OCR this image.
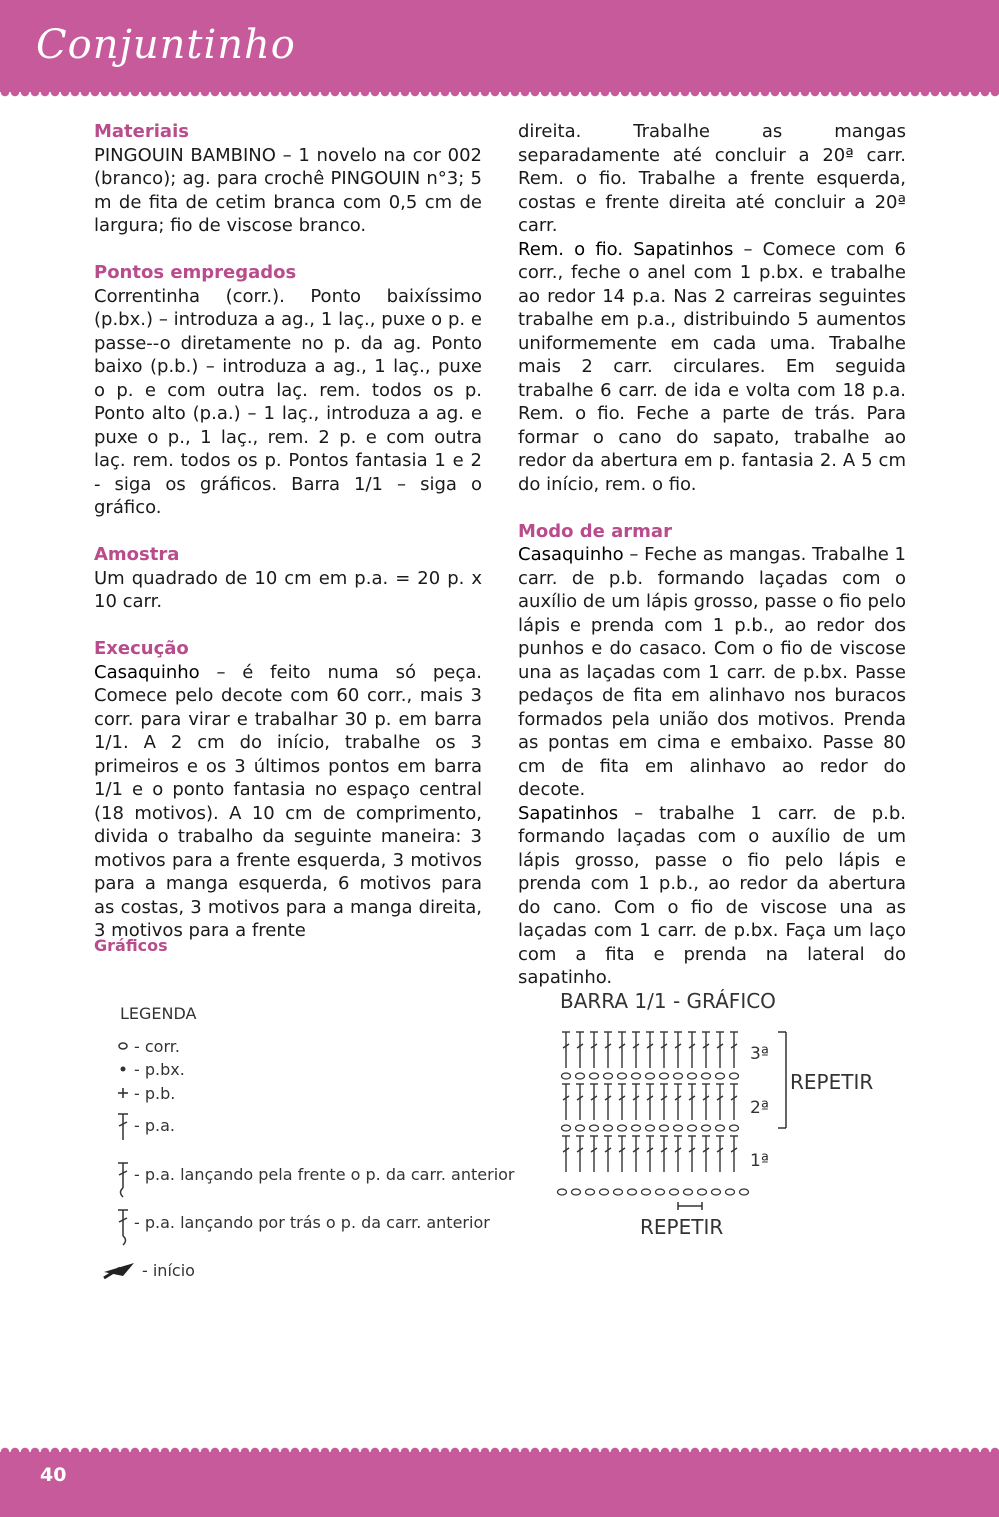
Conjuntinho
Materiais

PINGOUIN BAMBINO – 1 novelo na cor 002 (branco); ag. para crochê PINGOUIN n°3; 5 m de fita de cetim branca com 0,5 cm de largura; fio de viscose branco.

Pontos empregados

Correntinha (corr.). Ponto baixíssimo (p.bx.) – introduza a ag., 1 laç., puxe o p. e passe--o diretamente no p. da ag. Ponto baixo (p.b.) – introduza a ag., 1 laç., puxe o p. e com outra laç. rem. todos os p. Ponto alto (p.a.) – 1 laç., introduza a ag. e puxe o p., 1 laç., rem. 2 p. e com outra laç. rem. todos os p. Pontos fantasia 1 e 2 - siga os gráficos. Barra 1/1 – siga o gráfico.

Amostra

Um quadrado de 10 cm em p.a. = 20 p. x 10 carr.

Execução

Casaquinho – é feito numa só peça. Comece pelo decote com 60 corr., mais 3 corr. para virar e trabalhar 30 p. em barra 1/1. A 2 cm do início, trabalhe os 3 primeiros e os 3 últimos pontos em barra 1/1 e o ponto fantasia no espaço central (18 motivos). A 10 cm de comprimento, divida o trabalho da seguinte maneira: 3 motivos para a frente esquerda, 3 motivos para a manga esquerda, 6 motivos para as costas, 3 motivos para a manga direita, 3 motivos para a frente

direita. Trabalhe as mangas separadamente até concluir a 20ª carr. Rem. o fio. Trabalhe a frente esquerda, costas e frente direita até concluir a 20ª carr.

Rem. o fio. Sapatinhos – Comece com 6 corr., feche o anel com 1 p.bx. e trabalhe ao redor 14 p.a. Nas 2 carreiras seguintes trabalhe em p.a., distribuindo 5 aumentos uniformemente em cada uma. Trabalhe mais 2 carr. circulares. Em seguida trabalhe 6 carr. de ida e volta com 18 p.a. Rem. o fio. Feche a parte de trás. Para formar o cano do sapato, trabalhe ao redor da abertura em p. fantasia 2. A 5 cm do início, rem. o fio.

Modo de armar

Casaquinho – Feche as mangas. Trabalhe 1 carr. de p.b. formando laçadas com o auxílio de um lápis grosso, passe o fio pelo lápis e prenda com 1 p.b., ao redor dos punhos e do casaco. Com o fio de viscose una as laçadas com 1 carr. de p.bx. Passe pedaços de fita em alinhavo nos buracos formados pela união dos motivos. Prenda as pontas em cima e embaixo. Passe 80 cm de fita em alinhavo ao redor do decote.

Sapatinhos – trabalhe 1 carr. de p.b. formando laçadas com o auxílio de um lápis grosso, passe o fio pelo lápis e prenda com 1 p.b., ao redor da abertura do cano. Com o fio de viscose una as laçadas com 1 carr. de p.bx. Faça um laço com a fita e prenda na lateral do sapatinho.

Gráficos
LEGENDA
- corr.
- p.bx.
- p.b.
- p.a.
- p.a. lançando pela frente o p. da carr. anterior
- p.a. lançando por trás o p. da carr. anterior
- início
BARRA 1/1 - GRÁFICO
3ª
2ª
1ª
REPETIR
REPETIR
40
